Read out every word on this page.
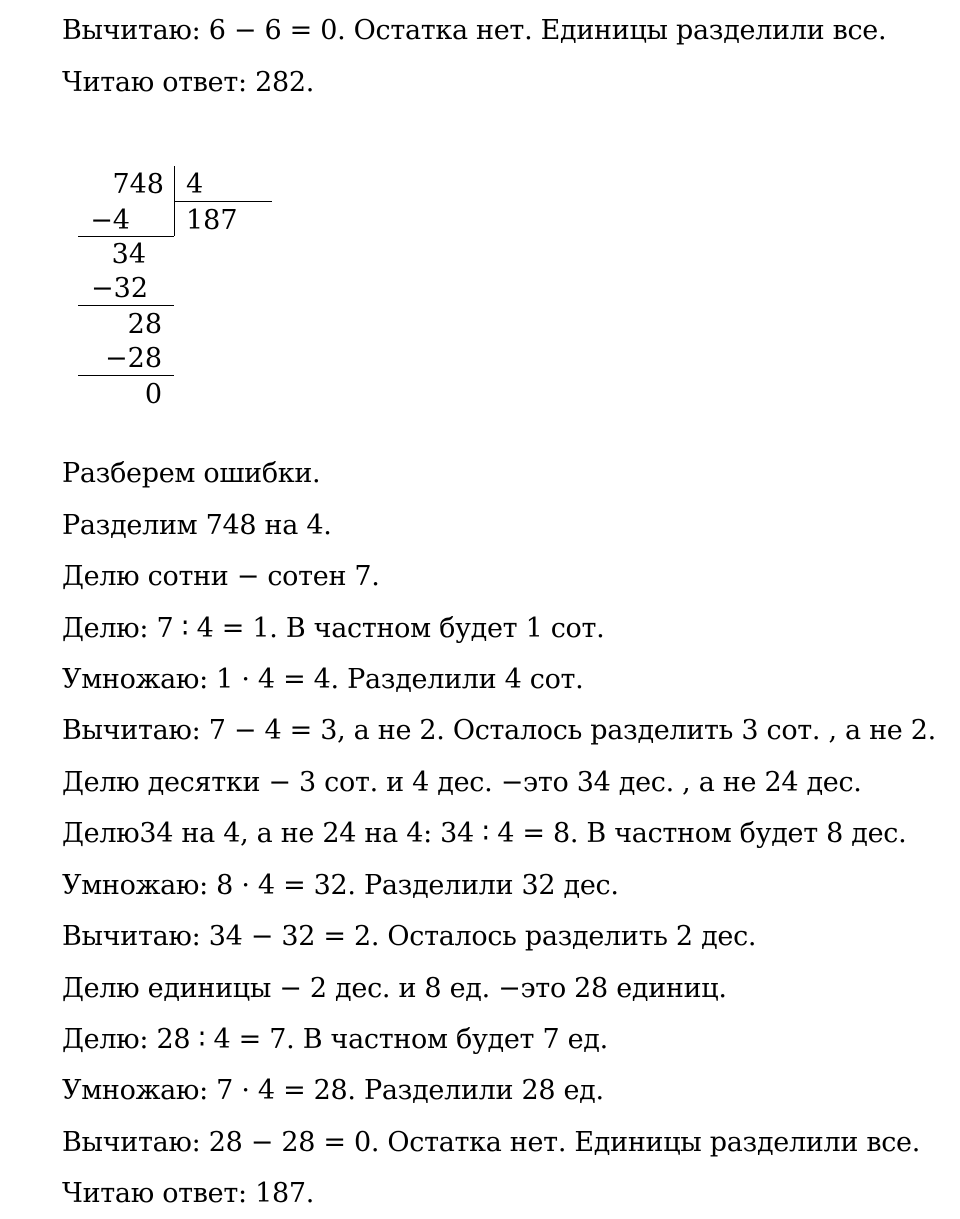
Вычитаю: 6 − 6 = 0. Остатка нет. Единицы разделили все.
Читаю ответ: 282.
748 4
187
−4
34
−32
28
−28
0
Разберем ошибки.
Разделим 748 на 4.
Делю сотни − сотен 7.
Делю: 7 ∶ 4 = 1. В частном будет 1 сот.
Умножаю: 1 · 4 = 4. Разделили 4 сот.
Вычитаю: 7 − 4 = 3, а не 2. Осталось разделить 3 сот. , а не 2.
Делю десятки − 3 сот. и 4 дес. −это 34 дес. , а не 24 дес.
Делю34 на 4, а не 24 на 4: 34 ∶ 4 = 8. В частном будет 8 дес.
Умножаю: 8 · 4 = 32. Разделили 32 дес.
Вычитаю: 34 − 32 = 2. Осталось разделить 2 дес.
Делю единицы − 2 дес. и 8 ед. −это 28 единиц.
Делю: 28 ∶ 4 = 7. В частном будет 7 ед.
Умножаю: 7 · 4 = 28. Разделили 28 ед.
Вычитаю: 28 − 28 = 0. Остатка нет. Единицы разделили все.
Читаю ответ: 187.
